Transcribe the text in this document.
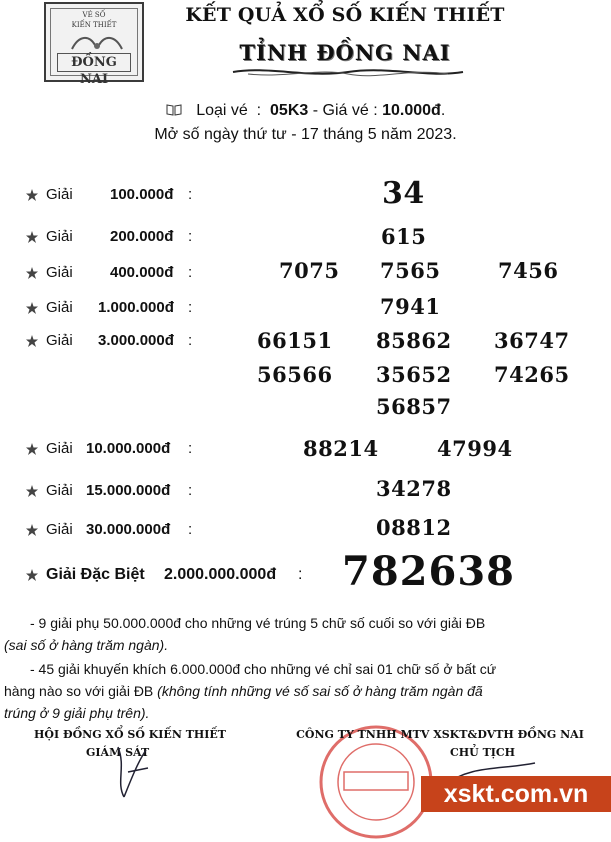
VÉ SỐ
KIẾN THIẾT
ĐỒNG NAI
KẾT QUẢ XỔ SỐ KIẾN THIẾT
TỈNH ĐỒNG NAI
Loại vé : 05K3 - Giá vé : 10.000đ.
Mở số ngày thứ tư - 17 tháng 5 năm 2023.
Giải 100.000đ :	34
Giải 200.000đ :	615
Giải 400.000đ :	7075 7565	7456
Giải 1.000.000đ :	7941
Giải 3.000.000đ :	66151 85862 36747
56566 35652 74265
56857
Giải 10.000.000đ :	88214	47994
Giải 15.000.000đ :	34278
Giải 30.000.000đ :	08812
Giải Đặc Biệt 2.000.000.000đ : 782638
- 9 giải phụ 50.000.000đ cho những vé trúng 5 chữ số cuối so với giải ĐB
(sai số ở hàng trăm ngàn).
- 45 giải khuyến khích 6.000.000đ cho những vé chỉ sai 01 chữ số ở bất cứ
hàng nào so với giải ĐB (không tính những vé số sai số ở hàng trăm ngàn đã
trúng ở 9 giải phụ trên).
HỘI ĐỒNG XỔ SỐ KIẾN THIẾT
GIÁM SÁT
CÔNG TY TNHH MTV XSKT&DVTH ĐỒNG NAI
CHỦ TỊCH
xskt.com.vn
